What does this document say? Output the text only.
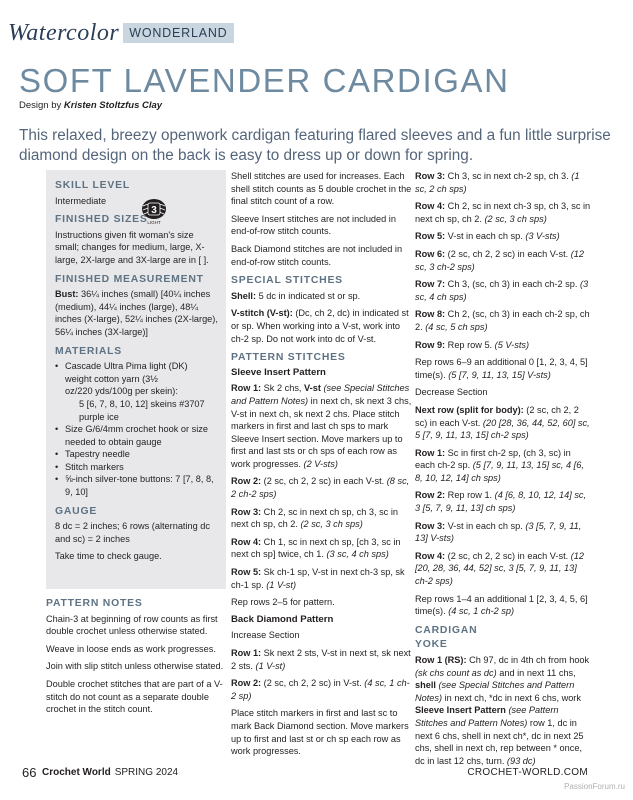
Watercolor WONDERLAND
SOFT LAVENDER CARDIGAN
Design by Kristen Stoltzfus Clay
This relaxed, breezy openwork cardigan featuring flared sleeves and a fun little surprise diamond design on the back is easy to dress up or down for spring.
3
LIGHT
SKILL LEVEL

Intermediate

FINISHED SIZES

Instructions given fit woman's size small; changes for medium, large, X-large, 2X-large and 3X-large are in [ ].

FINISHED MEASUREMENT

Bust: 36¼ inches (small) [40¼ inches (medium), 44¼ inches (large), 48¼ inches (X-large), 52¼ inches (2X-large), 56¼ inches (3X-large)]

MATERIALS
• Cascade Ultra Pima light (DK) weight cotton yarn (3½ oz/220 yds/100g per skein):
5 [6, 7, 8, 10, 12] skeins #3707 purple ice
• Size G/6/4mm crochet hook or size needed to obtain gauge
• Tapestry needle
• Stitch markers
• ⅝-inch silver-tone buttons: 7 [7, 8, 8, 9, 10]
GAUGE

8 dc = 2 inches; 6 rows (alternating dc and sc) = 2 inches

Take time to check gauge.

PATTERN NOTES

Chain-3 at beginning of row counts as first double crochet unless otherwise stated.

Weave in loose ends as work progresses.

Join with slip stitch unless otherwise stated.

Double crochet stitches that are part of a V-stitch do not count as a separate double crochet in the stitch count.

Shell stitches are used for increases. Each shell stitch counts as 5 double crochet in the final stitch count of a row.

Sleeve Insert stitches are not included in end-of-row stitch counts.

Back Diamond stitches are not included in end-of-row stitch counts.

SPECIAL STITCHES

Shell: 5 dc in indicated st or sp.

V-stitch (V-st): (Dc, ch 2, dc) in indicated st or sp. When working into a V-st, work into ch-2 sp. Do not work into dc of V-st.

PATTERN STITCHES
Sleeve Insert Pattern

Row 1: Sk 2 chs, V-st (see Special Stitches and Pattern Notes) in next ch, sk next 3 chs, V-st in next ch, sk next 2 chs. Place stitch markers in first and last ch sps to mark Sleeve Insert section. Move markers up to first and last sts or ch sps of each row as work progresses. (2 V-sts)

Row 2: (2 sc, ch 2, 2 sc) in each V-st. (8 sc, 2 ch-2 sps)

Row 3: Ch 2, sc in next ch sp, ch 3, sc in next ch sp, ch 2. (2 sc, 3 ch sps)

Row 4: Ch 1, sc in next ch sp, [ch 3, sc in next ch sp] twice, ch 1. (3 sc, 4 ch sps)

Row 5: Sk ch-1 sp, V-st in next ch-3 sp, sk ch-1 sp. (1 V-st)

Rep rows 2–5 for pattern.

Back Diamond Pattern

Increase Section

Row 1: Sk next 2 sts, V-st in next st, sk next 2 sts. (1 V-st)

Row 2: (2 sc, ch 2, 2 sc) in V-st. (4 sc, 1 ch-2 sp)

Place stitch markers in first and last sc to mark Back Diamond section. Move markers up to first and last st or ch sp each row as work progresses.

Row 3: Ch 3, sc in next ch-2 sp, ch 3. (1 sc, 2 ch sps)

Row 4: Ch 2, sc in next ch-3 sp, ch 3, sc in next ch sp, ch 2. (2 sc, 3 ch sps)

Row 5: V-st in each ch sp. (3 V-sts)

Row 6: (2 sc, ch 2, 2 sc) in each V-st. (12 sc, 3 ch-2 sps)

Row 7: Ch 3, (sc, ch 3) in each ch-2 sp. (3 sc, 4 ch sps)

Row 8: Ch 2, (sc, ch 3) in each ch-2 sp, ch 2. (4 sc, 5 ch sps)

Row 9: Rep row 5. (5 V-sts)

Rep rows 6–9 an additional 0 [1, 2, 3, 4, 5] time(s). (5 [7, 9, 11, 13, 15] V-sts)

Decrease Section

Next row (split for body): (2 sc, ch 2, 2 sc) in each V-st. (20 [28, 36, 44, 52, 60] sc, 5 [7, 9, 11, 13, 15] ch-2 sps)

Row 1: Sc in first ch-2 sp, (ch 3, sc) in each ch-2 sp. (5 [7, 9, 11, 13, 15] sc, 4 [6, 8, 10, 12, 14] ch sps)

Row 2: Rep row 1. (4 [6, 8, 10, 12, 14] sc, 3 [5, 7, 9, 11, 13] ch sps)

Row 3: V-st in each ch sp. (3 [5, 7, 9, 11, 13] V-sts)

Row 4: (2 sc, ch 2, 2 sc) in each V-st. (12 [20, 28, 36, 44, 52] sc, 3 [5, 7, 9, 11, 13] ch-2 sps)

Rep rows 1–4 an additional 1 [2, 3, 4, 5, 6] time(s). (4 sc, 1 ch-2 sp)

CARDIGAN
YOKE

Row 1 (RS): Ch 97, dc in 4th ch from hook (sk chs count as dc) and in next 11 chs, shell (see Special Stitches and Pattern Notes) in next ch, *dc in next 6 chs, work Sleeve Insert Pattern (see Pattern Stitches and Pattern Notes) row 1, dc in next 6 chs, shell in next ch*, dc in next 25 chs, shell in next ch, rep between * once, dc in last 12 chs, turn. (93 dc)

66 Crochet World SPRING 2024	CROCHET-WORLD.COM
PassionForum.ru
